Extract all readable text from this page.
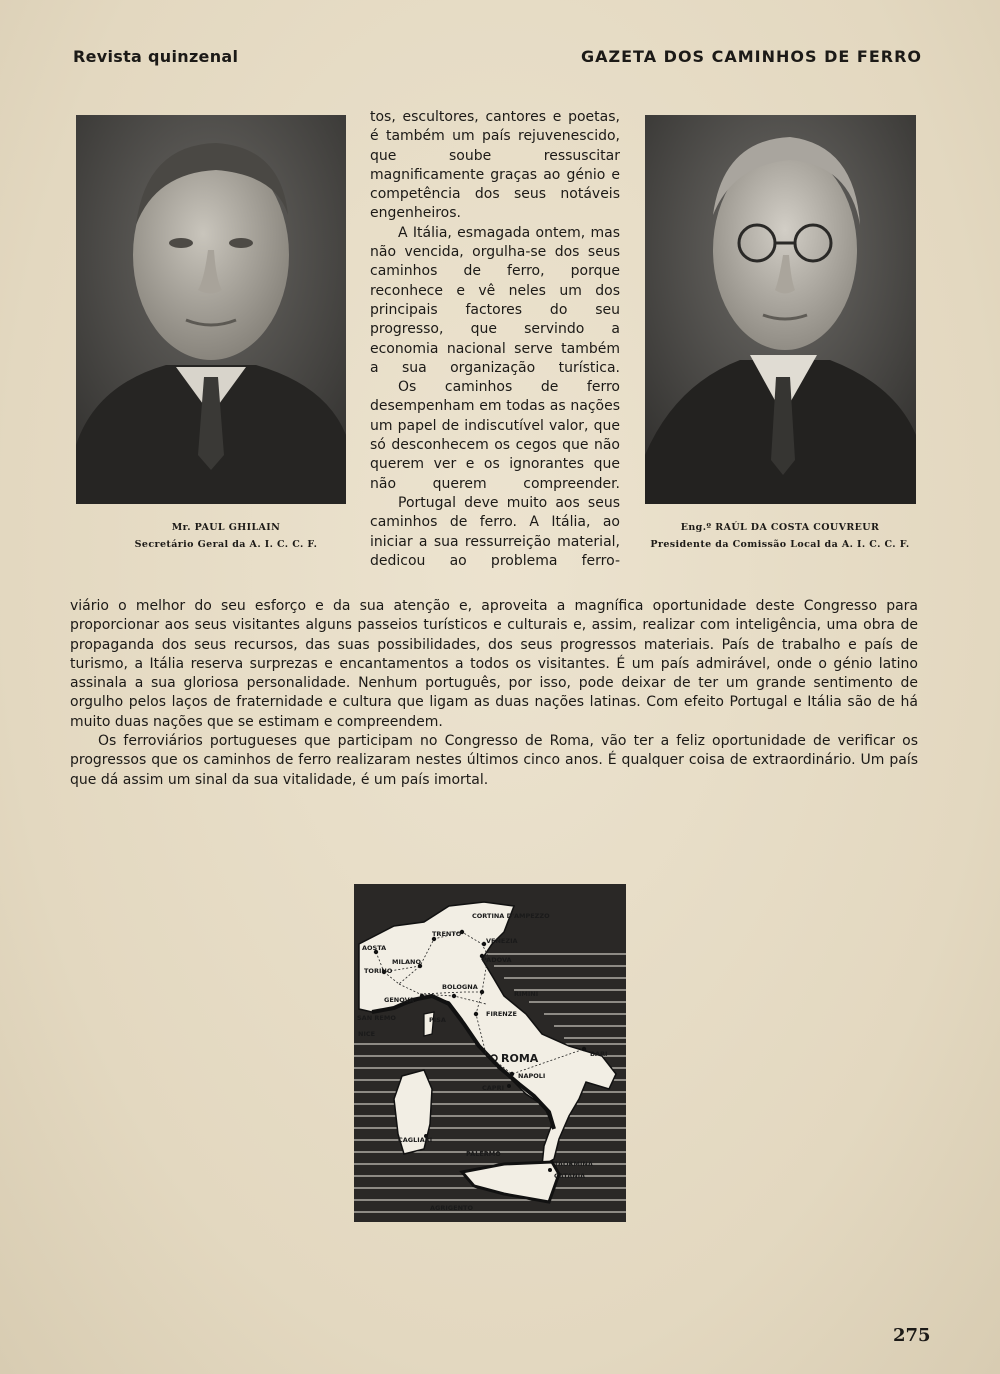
Revista quinzenal	GAZETA DOS CAMINHOS DE FERRO
Mr. PAUL GHILAIN
Secretário Geral da A. I. C. C. F.

tos, escultores, cantores e poetas, é também um país rejuvenescido, que soube ressuscitar magnificamente graças ao génio e competência dos seus notáveis engenheiros.

A Itália, esmagada ontem, mas não vencida, orgulha-se dos seus caminhos de ferro, porque reconhece e vê neles um dos principais factores do seu progresso, que servindo a economia nacional serve também a sua organização turística.

Os caminhos de ferro desempenham em todas as nações um papel de indiscutível valor, que só desconhecem os cegos que não querem ver e os ignorantes que não querem compreender.

Portugal deve muito aos seus caminhos de ferro. A Itália, ao iniciar a sua ressurreição material, dedicou ao problema ferro-

Eng.º RAÚL DA COSTA COUVREUR
Presidente da Comissão Local da A. I. C. C. F.

viário o melhor do seu esforço e da sua atenção e, aproveita a magnífica oportunidade deste Congresso para proporcionar aos seus visitantes alguns passeios turísticos e culturais e, assim, realizar com inteligência, uma obra de propaganda dos seus recursos, das suas possibilidades, dos seus progressos materiais. País de trabalho e país de turismo, a Itália reserva surprezas e encantamentos a todos os visitantes. É um país admirável, onde o génio latino assinala a sua gloriosa personalidade. Nenhum português, por isso, pode deixar de ter um grande sentimento de orgulho pelos laços de fraternidade e cultura que ligam as duas nações latinas. Com efeito Portugal e Itália são de há muito duas nações que se estimam e compreendem.

Os ferroviários portugueses que participam no Congresso de Roma, vão ter a feliz oportunidade de verificar os progressos que os caminhos de ferro realizaram nestes últimos cinco anos. É qualquer coisa de extraordinário. Um país que dá assim um sinal da sua vitalidade, é um país imortal.

CORTINA D'AMPEZZO
TRENTO
AOSTA
MILANO
VENEZIA
PADOVA
TORINO
BOLOGNA
RIMINI
GENOVA
FIRENZE
SAN REMO	PISA
NICE
ROMA	BARI
NAPOLI
CAPRI
CAGLIARI
PALERMO
TAORMINA
CATANIA
AGRIGENTO
275
